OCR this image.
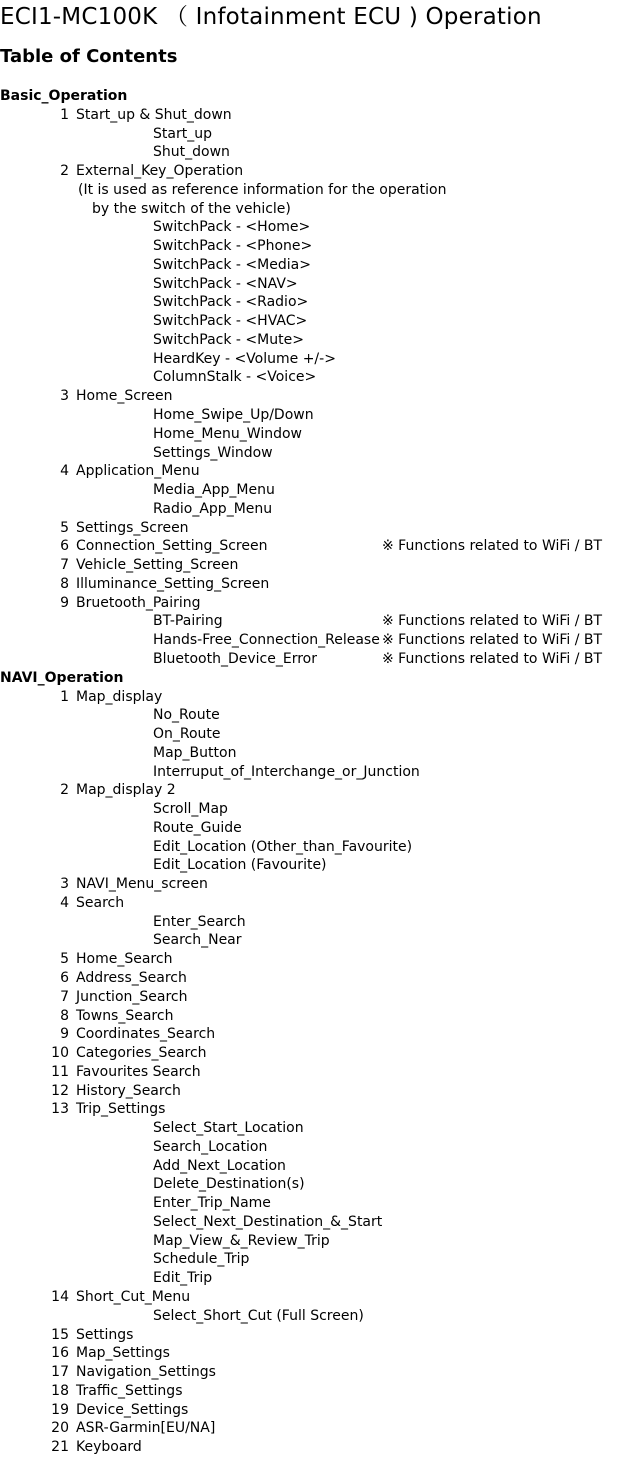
ECI1-MC100K （ Infotainment ECU ) Operation
Table of Contents
Basic_Operation
1 Start_up & Shut_down
Start_up
Shut_down
2 External_Key_Operation
(It is used as reference information for the operation
by the switch of the vehicle)
SwitchPack - <Home>
SwitchPack - <Phone>
SwitchPack - <Media>
SwitchPack - <NAV>
SwitchPack - <Radio>
SwitchPack - <HVAC>
SwitchPack - <Mute>
HeardKey - <Volume +/->
ColumnStalk - <Voice>
3 Home_Screen
Home_Swipe_Up/Down
Home_Menu_Window
Settings_Window
4 Application_Menu
Media_App_Menu
Radio_App_Menu
5 Settings_Screen
6 Connection_Setting_Screen	※ Functions related to WiFi / BT
7 Vehicle_Setting_Screen
8 Illuminance_Setting_Screen
9 Bruetooth_Pairing
BT-Pairing	※ Functions related to WiFi / BT
Hands-Free_Connection_Release ※ Functions related to WiFi / BT
Bluetooth_Device_Error	※ Functions related to WiFi / BT
NAVI_Operation
1 Map_display
No_Route
On_Route
Map_Button
Interruput_of_Interchange_or_Junction
2 Map_display 2
Scroll_Map
Route_Guide
Edit_Location (Other_than_Favourite)
Edit_Location (Favourite)
3 NAVI_Menu_screen
4 Search
Enter_Search
Search_Near
5 Home_Search
6 Address_Search
7 Junction_Search
8 Towns_Search
9 Coordinates_Search
10 Categories_Search
11 Favourites Search
12 History_Search
13 Trip_Settings
Select_Start_Location
Search_Location
Add_Next_Location
Delete_Destination(s)
Enter_Trip_Name
Select_Next_Destination_&_Start
Map_View_&_Review_Trip
Schedule_Trip
Edit_Trip
14 Short_Cut_Menu
Select_Short_Cut (Full Screen)
15 Settings
16 Map_Settings
17 Navigation_Settings
18 Traffic_Settings
19 Device_Settings
20 ASR-Garmin[EU/NA]
21 Keyboard
